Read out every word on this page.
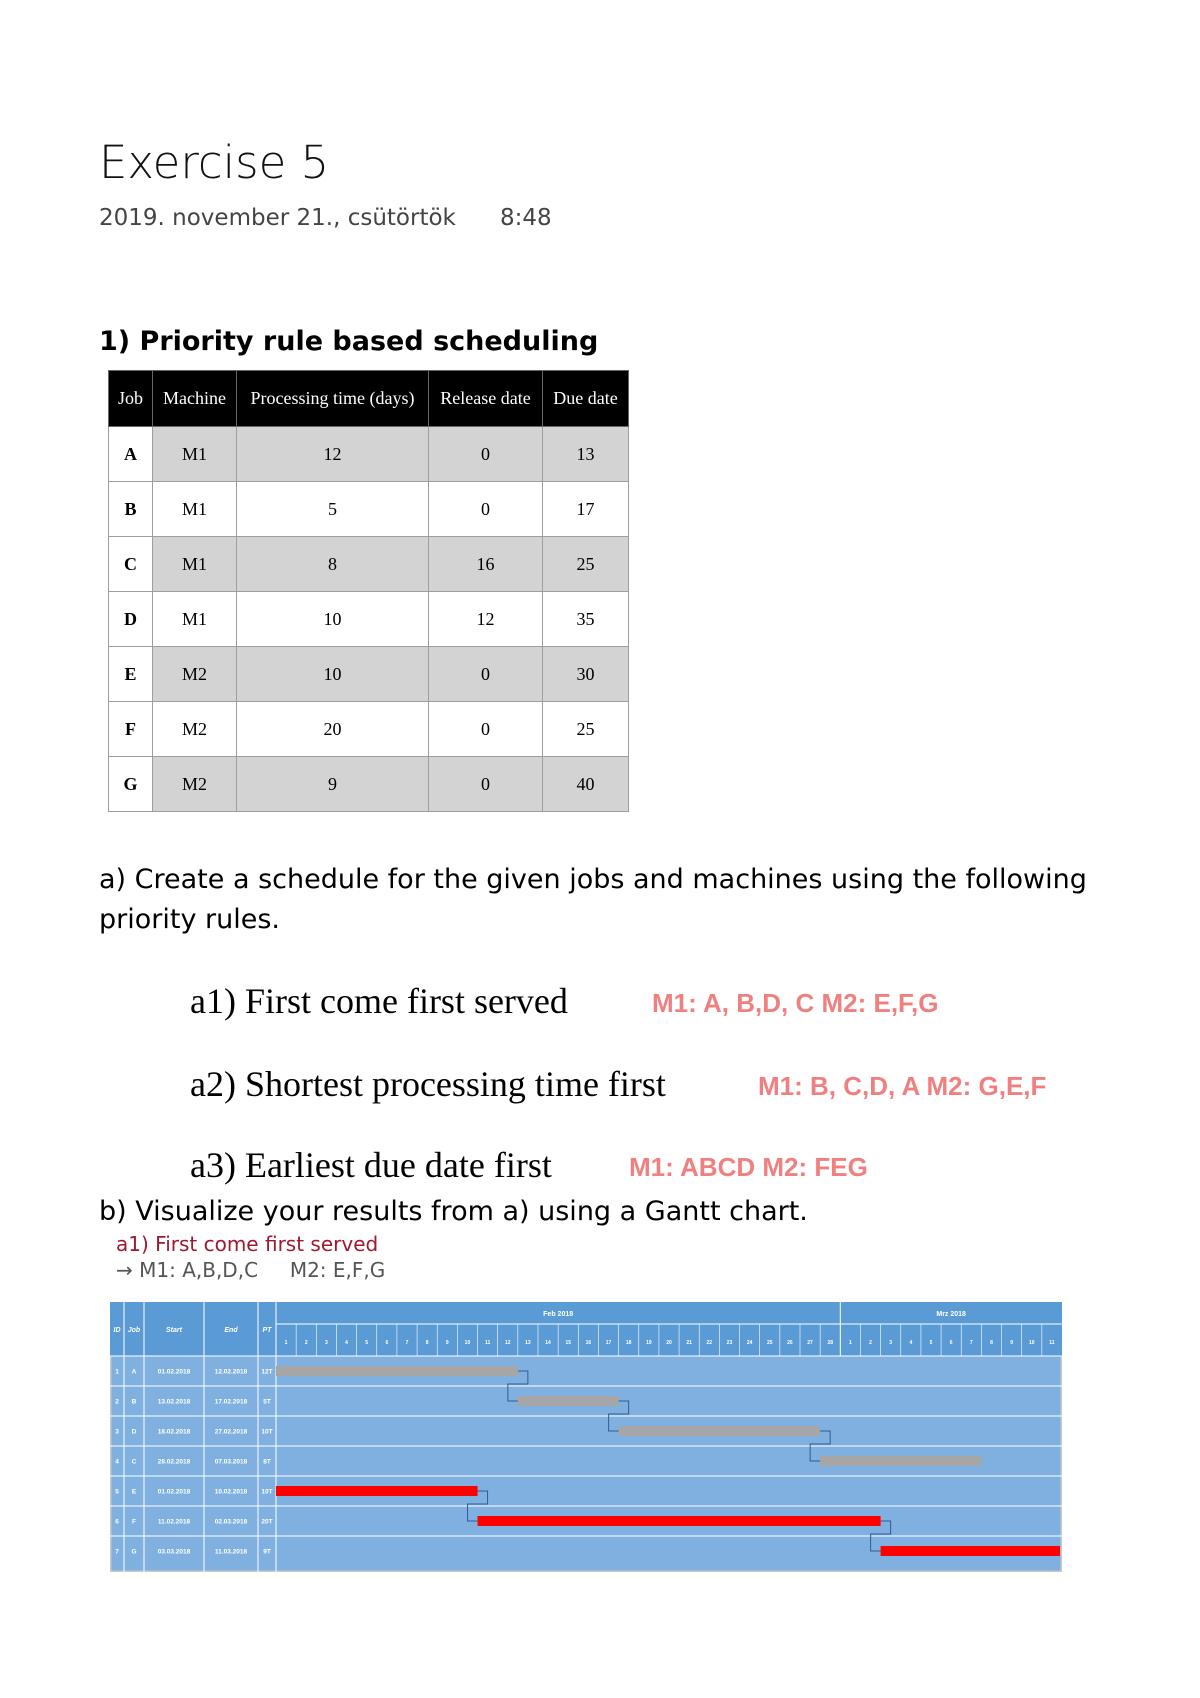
Exercise 5
2019. november 21., csütörtök 8:48
1) Priority rule based scheduling
Job	Machine	Processing time (days)	Release date	Due date
A	M1	12	0	13
B	M1	5	0	17
C	M1	8	16	25
D	M1	10	12	35
E	M2	10	0	30
F	M2	20	0	25
G	M2	9	0	40
a) Create a schedule for the given jobs and machines using the following
priority rules.
a1) First come first served	M1: A, B,D, C M2: E,F,G
a2) Shortest processing time first	M1: B, C,D, A M2: G,E,F
a3) Earliest due date first	M1: ABCD M2: FEG
b) Visualize your results from a) using a Gantt chart.
a1) First come first served
→ M1: A,B,D,C     M2: E,F,G
Feb 2018	Mrz 2018
1	2	3	4	5	6	7	8	9	10	11	12	13	14	15	16	17	18	19	20	21	22	23	24	25	26	27	28	1	2	3	4	5	6	7	8	9	10	11
ID Job	Start	End	PT
1 A	01.02.2018	12.02.2018 12T
2 B	13.02.2018	17.02.2018 5T
3 D	18.02.2018	27.02.2018 10T
4 C	28.02.2018	07.03.2018 8T
5 E	01.02.2018	10.02.2018 10T
6 F	11.02.2018	02.03.2018 20T
7 G	03.03.2018	11.03.2018 9T
